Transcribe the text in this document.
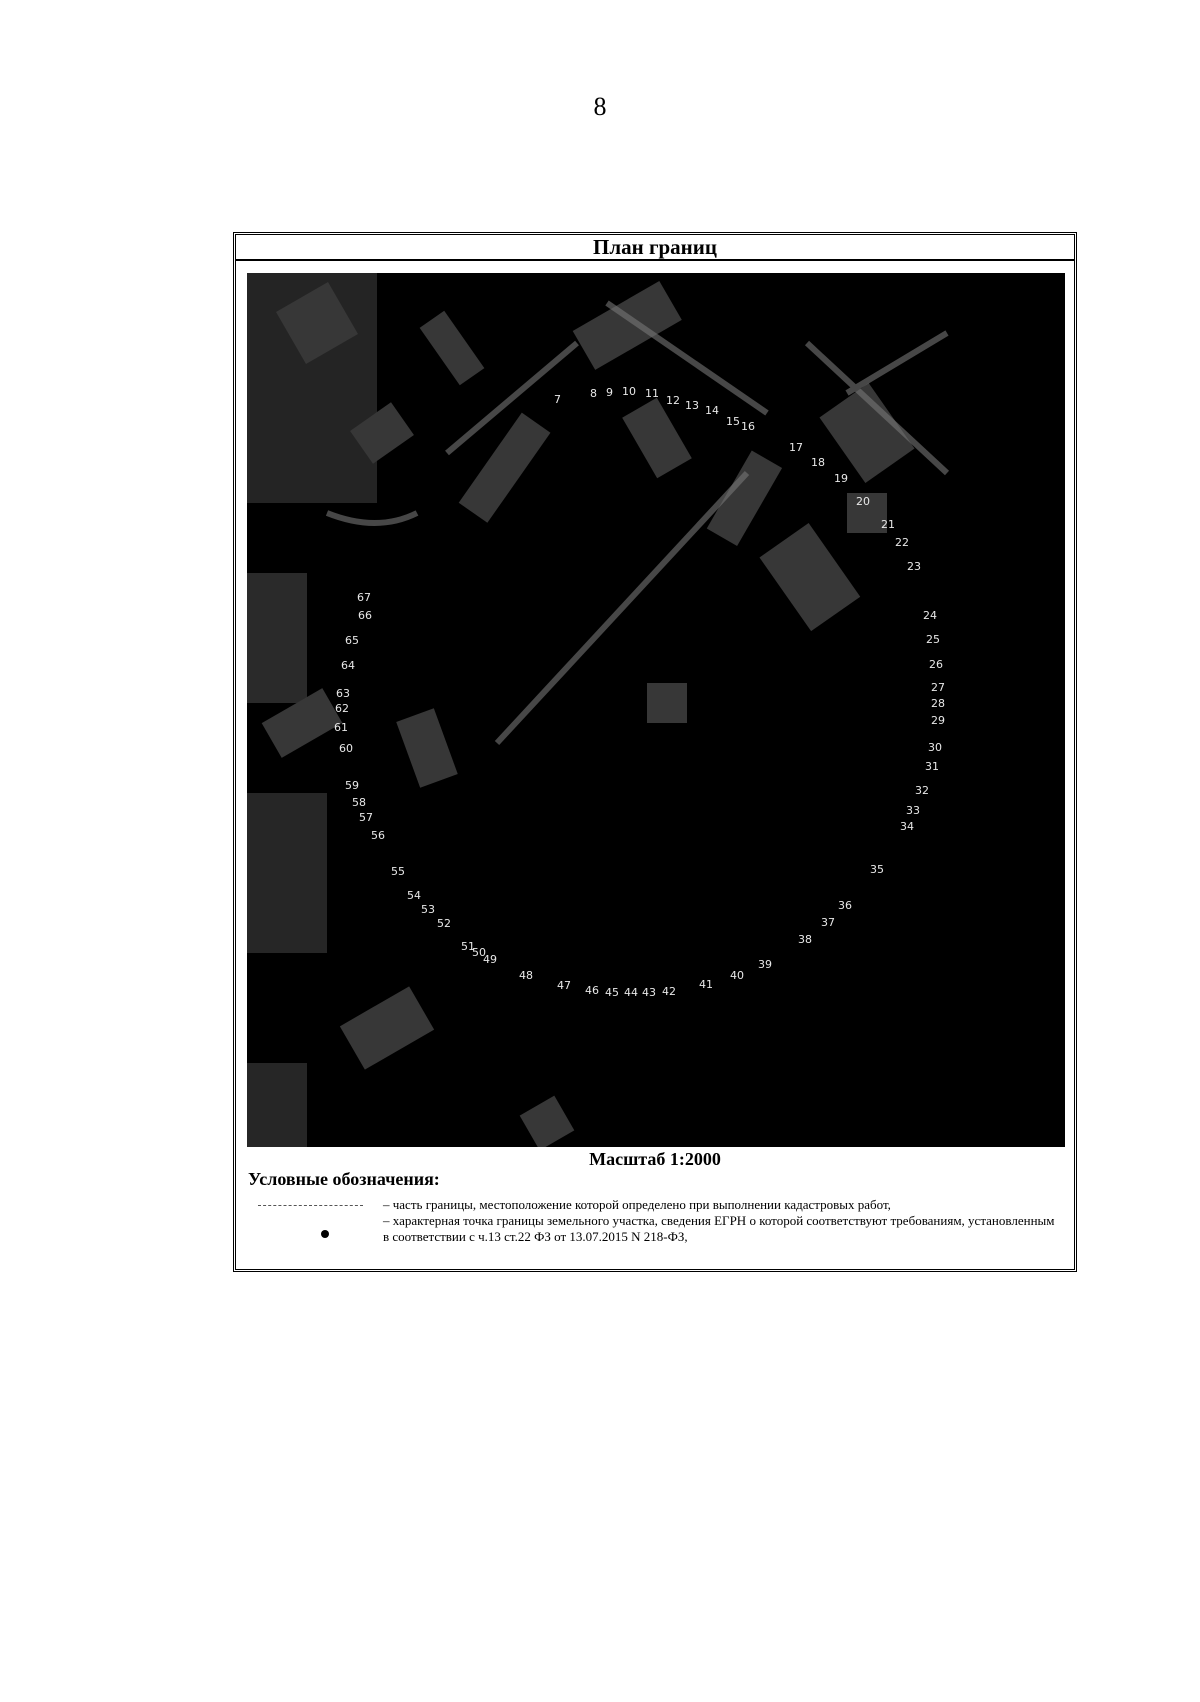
8
План границ
7	8 9 10 11
12 13 14
15 16
17
18
19
20
21
22
23
24
25
26
27
28
29
30
31
32
33
34
35
36
37
38
39
40
41
42
43
44
45
46
47
48
49
50
51
52
53
54
55
56
57
58
59
60
61
62
63
64
65
66
67
Масштаб 1:2000
Условные обозначения:
– часть границы, местоположение которой определено при выполнении кадастровых работ,
– характерная точка границы земельного участка, сведения ЕГРН о которой соответствуют требованиям, установленным в соответствии с ч.13 ст.22 ФЗ от 13.07.2015 N 218-ФЗ,
